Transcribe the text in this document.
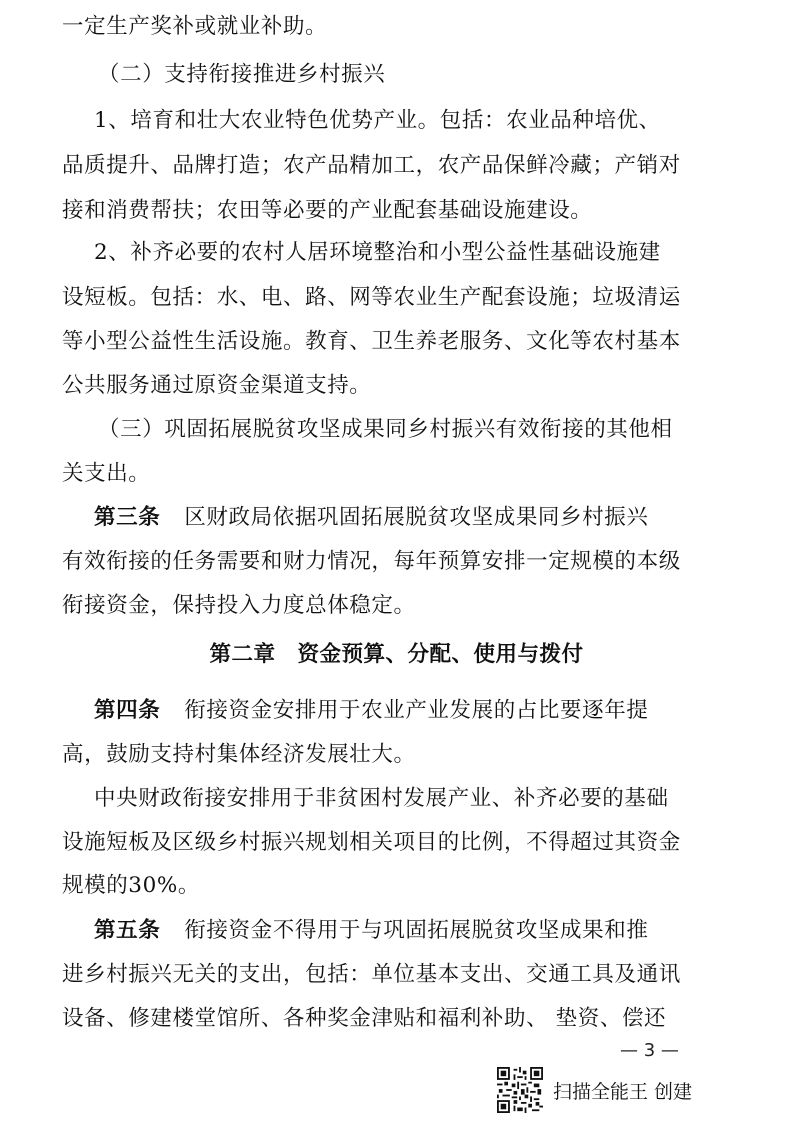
一定生产奖补或就业补助。
（二）支持衔接推进乡村振兴
1、培育和壮大农业特色优势产业。包括：农业品种培优、
品质提升、品牌打造；农产品精加工，农产品保鲜冷藏；产销对
接和消费帮扶；农田等必要的产业配套基础设施建设。
2、补齐必要的农村人居环境整治和小型公益性基础设施建
设短板。包括：水、电、路、网等农业生产配套设施；垃圾清运
等小型公益性生活设施。教育、卫生养老服务、文化等农村基本
公共服务通过原资金渠道支持。
（三）巩固拓展脱贫攻坚成果同乡村振兴有效衔接的其他相
关支出。
第三条 区财政局依据巩固拓展脱贫攻坚成果同乡村振兴
有效衔接的任务需要和财力情况，每年预算安排一定规模的本级
衔接资金，保持投入力度总体稳定。
第二章 资金预算、分配、使用与拨付
第四条 衔接资金安排用于农业产业发展的占比要逐年提
高，鼓励支持村集体经济发展壮大。
中央财政衔接安排用于非贫困村发展产业、补齐必要的基础
设施短板及区级乡村振兴规划相关项目的比例，不得超过其资金
规模的30%。
第五条 衔接资金不得用于与巩固拓展脱贫攻坚成果和推
进乡村振兴无关的支出，包括：单位基本支出、交通工具及通讯
设备、修建楼堂馆所、各种奖金津贴和福利补助、 垫资、偿还
— 3 —
扫描全能王 创建
